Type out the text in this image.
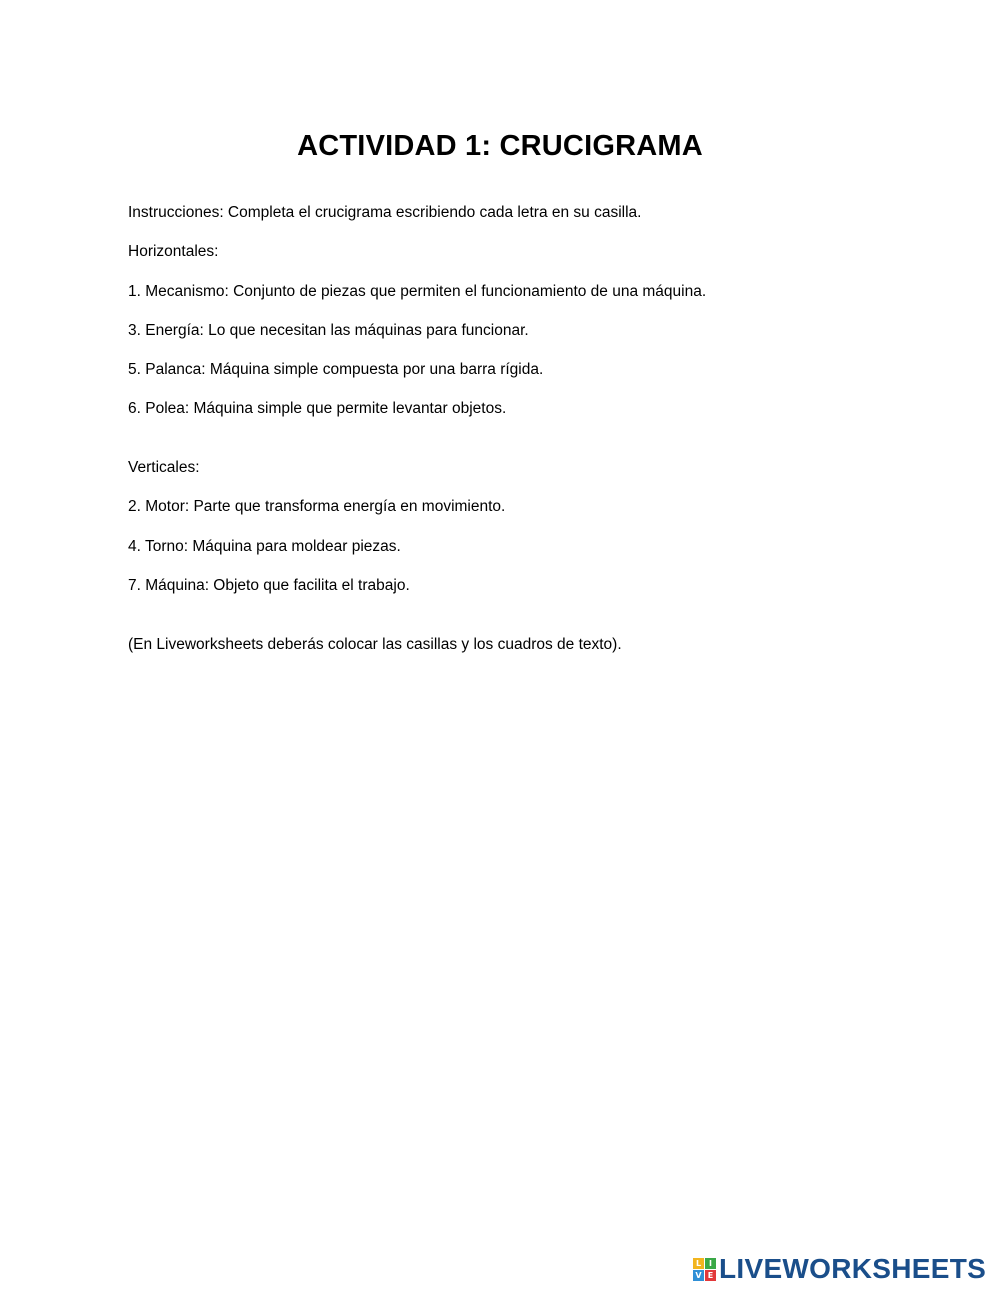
ACTIVIDAD 1: CRUCIGRAMA
Instrucciones: Completa el crucigrama escribiendo cada letra en su casilla.
Horizontales:
1. Mecanismo: Conjunto de piezas que permiten el funcionamiento de una máquina.
3. Energía: Lo que necesitan las máquinas para funcionar.
5. Palanca: Máquina simple compuesta por una barra rígida.
6. Polea: Máquina simple que permite levantar objetos.
Verticales:
2. Motor: Parte que transforma energía en movimiento.
4. Torno: Máquina para moldear piezas.
7. Máquina: Objeto que facilita el trabajo.
(En Liveworksheets deberás colocar las casillas y los cuadros de texto).
L I
V E LIVEWORKSHEETS
